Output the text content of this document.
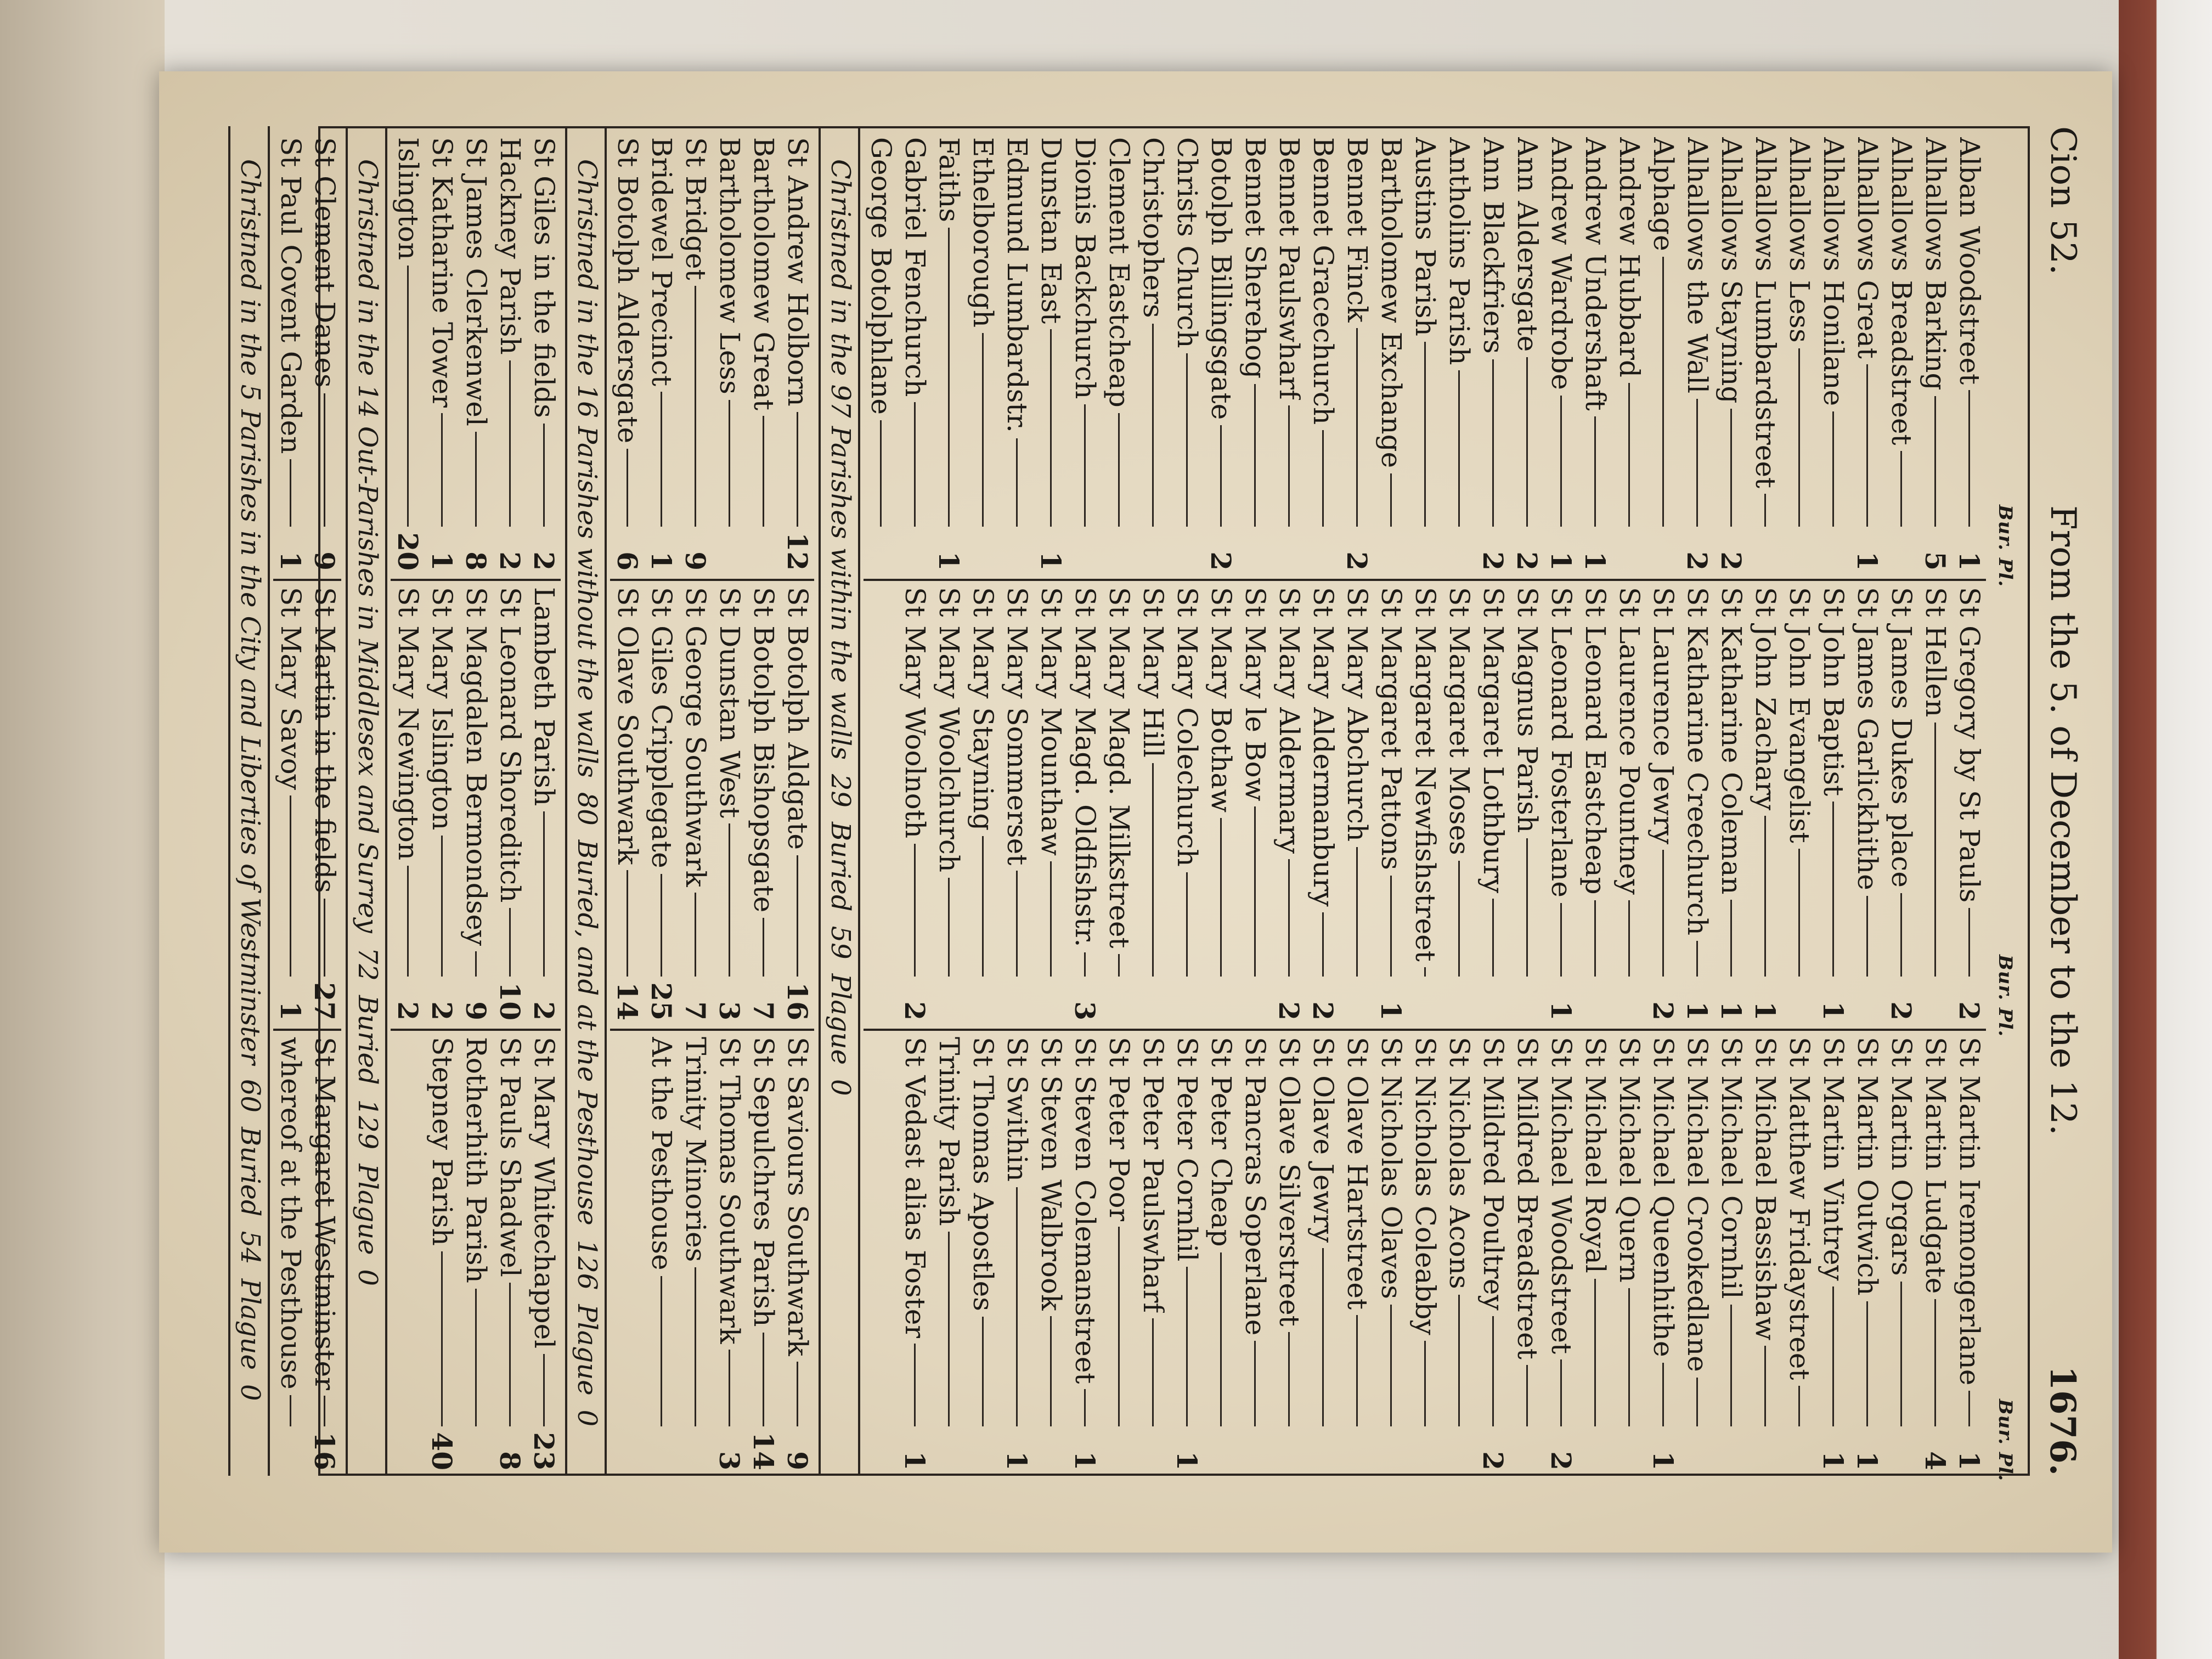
Cion 52.
From the 5. of December to the 12.
1676.
Bur. Pl.
Bur. Pl.
Bur. Pl.
Alban Woodstreet
1
Alhallows Barking
5
Alhallows Breadstreet
Alhallows Great
1
Alhallows Honilane
Alhallows Less
Alhallows Lumbardstreet
Alhallows Stayning
2
Alhallows the Wall
2
Alphage
Andrew Hubbard
Andrew Undershaft
1
Andrew Wardrobe
1
Ann Aldersgate
2
Ann Blackfriers
2
Antholins Parish
Austins Parish
Bartholomew Exchange
Bennet Finck
2
Bennet Gracechurch
Bennet Paulswharf
Bennet Sherehog
Botolph Billingsgate
2
Christs Church
Christophers
Clement Eastcheap
Dionis Backchurch
Dunstan East
1
Edmund Lumbardstr.
Ethelborough
Faiths
1
Gabriel Fenchurch
George Botolphlane
St Gregory by St Pauls
2
St Hellen
St James Dukes place
2
St James Garlickhithe
St John Baptist
1
St John Evangelist
St John Zachary
1
St Katharine Coleman
1
St Katharine Creechurch
1
St Laurence Jewry
2
St Laurence Pountney
St Leonard Eastcheap
St Leonard Fosterlane
1
St Magnus Parish
St Margaret Lothbury
St Margaret Moses
St Margaret Newfishstreet
St Margaret Pattons
1
St Mary Abchurch
St Mary Aldermanbury
2
St Mary Aldermary
2
St Mary le Bow
St Mary Bothaw
St Mary Colechurch
St Mary Hill
St Mary Magd. Milkstreet
St Mary Magd. Oldfishstr.
3
St Mary Mounthaw
St Mary Sommerset
St Mary Stayning
St Mary Woolchurch
St Mary Woolnoth
2
St Martin Iremongerlane
1
St Martin Ludgate
4
St Martin Orgars
St Martin Outwich
1
St Martin Vintrey
1
St Matthew Fridaystreet
St Michael Bassishaw
St Michael Cornhil
St Michael Crookedlane
St Michael Queenhithe
1
St Michael Quern
St Michael Royal
St Michael Woodstreet
2
St Mildred Breadstreet
St Mildred Poultrey
2
St Nicholas Acons
St Nicholas Coleabby
St Nicholas Olaves
St Olave Hartstreet
St Olave Jewry
St Olave Silverstreet
St Pancras Soperlane
St Peter Cheap
St Peter Cornhil
1
St Peter Paulswharf
St Peter Poor
St Steven Colemanstreet
1
St Steven Walbrook
St Swithin
1
St Thomas Apostles
Trinity Parish
St Vedast alias Foster
1
Christned in the 97 Parishes within the walls29Buried59Plague0
St Andrew Holborn
12
Bartholomew Great
Bartholomew Less
St Bridget
9
Bridewel Precinct
1
St Botolph Aldersgate
6
St Botolph Aldgate
16
St Botolph Bishopsgate
7
St Dunstan West
3
St George Southwark
7
St Giles Cripplegate
25
St Olave Southwark
14
St Saviours Southwark
9
St Sepulchres Parish
14
St Thomas Southwark
3
Trinity Minories
At the Pesthouse
Christned in the 16 Parishes without the walls80Buried, and at the Pesthouse126Plague0
St Giles in the fields
2
Hackney Parish
2
St James Clerkenwel
8
St Katharine Tower
1
Islington
20
Lambeth Parish
2
St Leonard Shoreditch
10
St Magdalen Bermondsey
9
St Mary Islington
2
St Mary Newington
2
St Mary Whitechappel
23
St Pauls Shadwel
8
Rotherhith Parish
Stepney Parish
40
Christned in the 14 Out-Parishes in Middlesex and Surrey72Buried129Plague0
St Clement Danes
9
St Paul Covent Garden
1
St Martin in the fields
27
St Mary Savoy
1
St Margaret Westminster
16
whereof at the Pesthouse
Christned in the 5 Parishes in the City and Liberties of Westminster60Buried54Plague0
